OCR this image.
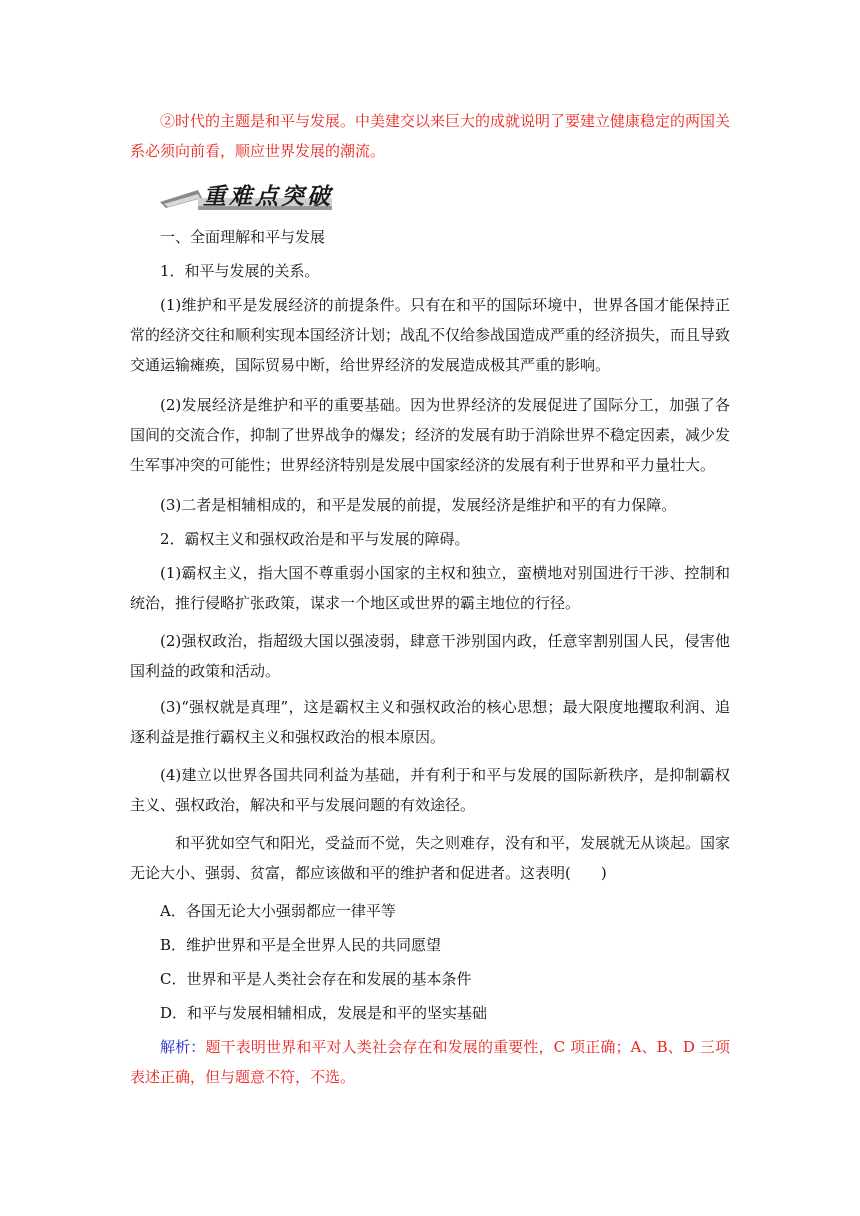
②时代的主题是和平与发展。中美建交以来巨大的成就说明了要建立健康稳定的两国关系必须向前看，顺应世界发展的潮流。

重难点突破

一、全面理解和平与发展

1．和平与发展的关系。

(1)维护和平是发展经济的前提条件。只有在和平的国际环境中，世界各国才能保持正常的经济交往和顺利实现本国经济计划；战乱不仅给参战国造成严重的经济损失，而且导致交通运输瘫痪，国际贸易中断，给世界经济的发展造成极其严重的影响。

(2)发展经济是维护和平的重要基础。因为世界经济的发展促进了国际分工，加强了各国间的交流合作，抑制了世界战争的爆发；经济的发展有助于消除世界不稳定因素，减少发生军事冲突的可能性；世界经济特别是发展中国家经济的发展有利于世界和平力量壮大。

(3)二者是相辅相成的，和平是发展的前提，发展经济是维护和平的有力保障。

2．霸权主义和强权政治是和平与发展的障碍。

(1)霸权主义，指大国不尊重弱小国家的主权和独立，蛮横地对别国进行干涉、控制和统治，推行侵略扩张政策，谋求一个地区或世界的霸主地位的行径。

(2)强权政治，指超级大国以强凌弱，肆意干涉别国内政，任意宰割别国人民，侵害他国利益的政策和活动。

(3)“强权就是真理”，这是霸权主义和强权政治的核心思想；最大限度地攫取利润、追逐利益是推行霸权主义和强权政治的根本原因。

(4)建立以世界各国共同利益为基础，并有利于和平与发展的国际新秩序，是抑制霸权主义、强权政治，解决和平与发展问题的有效途径。

和平犹如空气和阳光，受益而不觉，失之则难存，没有和平，发展就无从谈起。国家无论大小、强弱、贫富，都应该做和平的维护者和促进者。这表明(　　)

A．各国无论大小强弱都应一律平等

B．维护世界和平是全世界人民的共同愿望

C．世界和平是人类社会存在和发展的基本条件

D．和平与发展相辅相成，发展是和平的坚实基础

解析：题干表明世界和平对人类社会存在和发展的重要性，C 项正确；A、B、D 三项表述正确，但与题意不符，不选。
